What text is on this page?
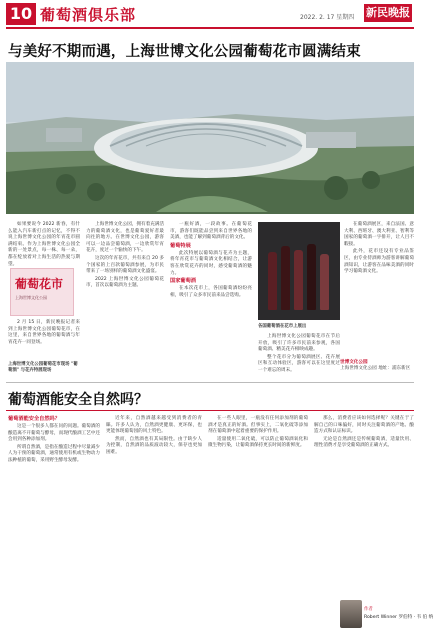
10 葡萄酒俱乐部	2022. 2. 17 星期四 新民晚报
与美好不期而遇，上海世博文化公园葡萄花市圆满结束

如果要说今 2022 新春，有什么能入汽车新打点的记忆，不得不说上海世博文化公园的年宵花市圆满结束。作为上海世博文化公园全新的一处景点，每一株、每一朵，都在绽放着对上海生活的热爱与期望。

葡萄花市
上海世博文化公园

2 月 15 日，新民晚报记者来到上海世博文化公园葡萄花市，在这里，来自世界各地的葡萄酒与年宵花卉一同登场。

上海世博文化公园葡萄花市现场 "葡萄酒" 与花卉特展现场

上海世博文化公园，拥有着充满活力的葡萄酒文化，也是葡萄爱好者最向往的地方。在世博文化公园，游客可以一边品尝葡萄酒，一边欣赏年宵花卉，度过一个愉快的下午。

这次的年宵花市，共有来自 20 多个国家的上百款葡萄酒参展，为市民带来了一场别样的葡萄酒文化盛宴。

2022 上海世博文化公园葡萄花市，首次以葡萄酒为主题。

一瓶好酒，一段故事。在葡萄花市，游客们既能品尝到来自世界各地的美酒，也能了解到葡萄酒背后的文化。

葡萄特展

此次特展以葡萄酒与花卉为主题，将年宵花市与葡萄酒文化相结合，让游客在欣赏花卉的同时，感受葡萄酒的魅力。

国家葡萄酒

在本次花市上，各国葡萄酒纷纷亮相，吸引了众多市民前来品尝选购。

各国葡萄酒在花市上展出

上海世博文化公园葡萄花市在节后开放，吸引了许多市民前来参观，各国葡萄酒、精美花卉相映成趣。

整个花市分为葡萄酒展区、花卉展区和互动体验区，游客可以在这里度过一个难忘的周末。

在葡萄酒展区，来自法国、意大利、西班牙、澳大利亚、智利等国家的葡萄酒一字排开，让人目不暇接。

此外，花市还设有专业品鉴区，由专业侍酒师为游客讲解葡萄酒知识，让游客在品味美酒的同时学习葡萄酒文化。

世博文化公园
上海世博文化公园 地址：浦东新区
葡萄酒能安全自然吗？

葡萄酒能安全自然吗？

这是一个很多人都在问的问题。葡萄酒的酿造离不开葡萄与酵母，而现代酿酒工艺中还会用到各种添加剂。

所谓自然酒，是指在酿造过程中尽量减少人为干预的葡萄酒，通常使用有机或生物动力法种植的葡萄，采用野生酵母发酵。

近年来，自然酒越来越受到消费者的青睐。许多人认为，自然酒更健康、更环保，也更能体现葡萄园的风土特色。

然而，自然酒也有其局限性。由于缺少人为控制，自然酒的品质波动较大，保存也更加困难。

在一些人眼里，一瓶没有任何添加剂的葡萄酒才是真正的好酒。但事实上，二氧化硫等添加剂在葡萄酒中起着重要的保护作用。

适量使用二氧化硫，可以防止葡萄酒氧化和微生物污染，让葡萄酒保持更长时间的新鲜度。

那么，消费者应该如何选择呢？关键在于了解自己的口味偏好，同时关注葡萄酒的产地、酿造方式和认证标识。

无论是自然酒还是传统葡萄酒，适量饮用、理性消费才是享受葡萄酒的正确方式。

作者
Robert Winner 罗伯特 · 韦 伯 纳
